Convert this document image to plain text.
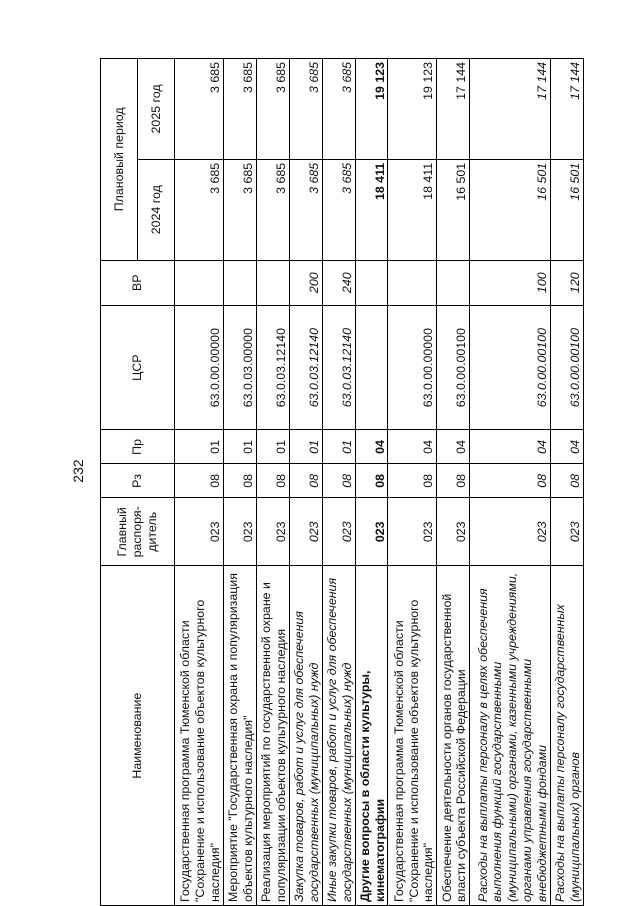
232
Наименование	Главный распоря-дитель	Рз	Пр	ЦСР	ВР	Плановый период	
						2024 год	2025 год
Государственная программа Тюменской области "Сохранение и использование объектов культурного наследия"	023	08	01	63.0.00.00000		3 685	3 685
Мероприятие "Государственная охрана и популяризация объектов культурного наследия"	023	08	01	63.0.03.00000		3 685	3 685
Реализация мероприятий по государственной охране и популяризации объектов культурного наследия	023	08	01	63.0.03.12140		3 685	3 685
Закупка товаров, работ и услуг для обеспечения государственных (муниципальных) нужд	023	08	01	63.0.03.12140	200	3 685	3 685
Иные закупки товаров, работ и услуг для обеспечения государственных (муниципальных) нужд	023	08	01	63.0.03.12140	240	3 685	3 685
Другие вопросы в области культуры, кинематографии	023	08	04			18 411	19 123
Государственная программа Тюменской области "Сохранение и использование объектов культурного наследия"	023	08	04	63.0.00.00000		18 411	19 123
Обеспечение деятельности органов государственной власти субъекта Российской Федерации	023	08	04	63.0.00.00100		16 501	17 144
Расходы на выплаты персоналу в целях обеспечения выполнения функций государственными (муниципальными) органами, казенными учреждениями, органами управления государственными внебюджетными фондами	023	08	04	63.0.00.00100	100	16 501	17 144
Расходы на выплаты персоналу государственных (муниципальных) органов	023	08	04	63.0.00.00100	120	16 501	17 144
